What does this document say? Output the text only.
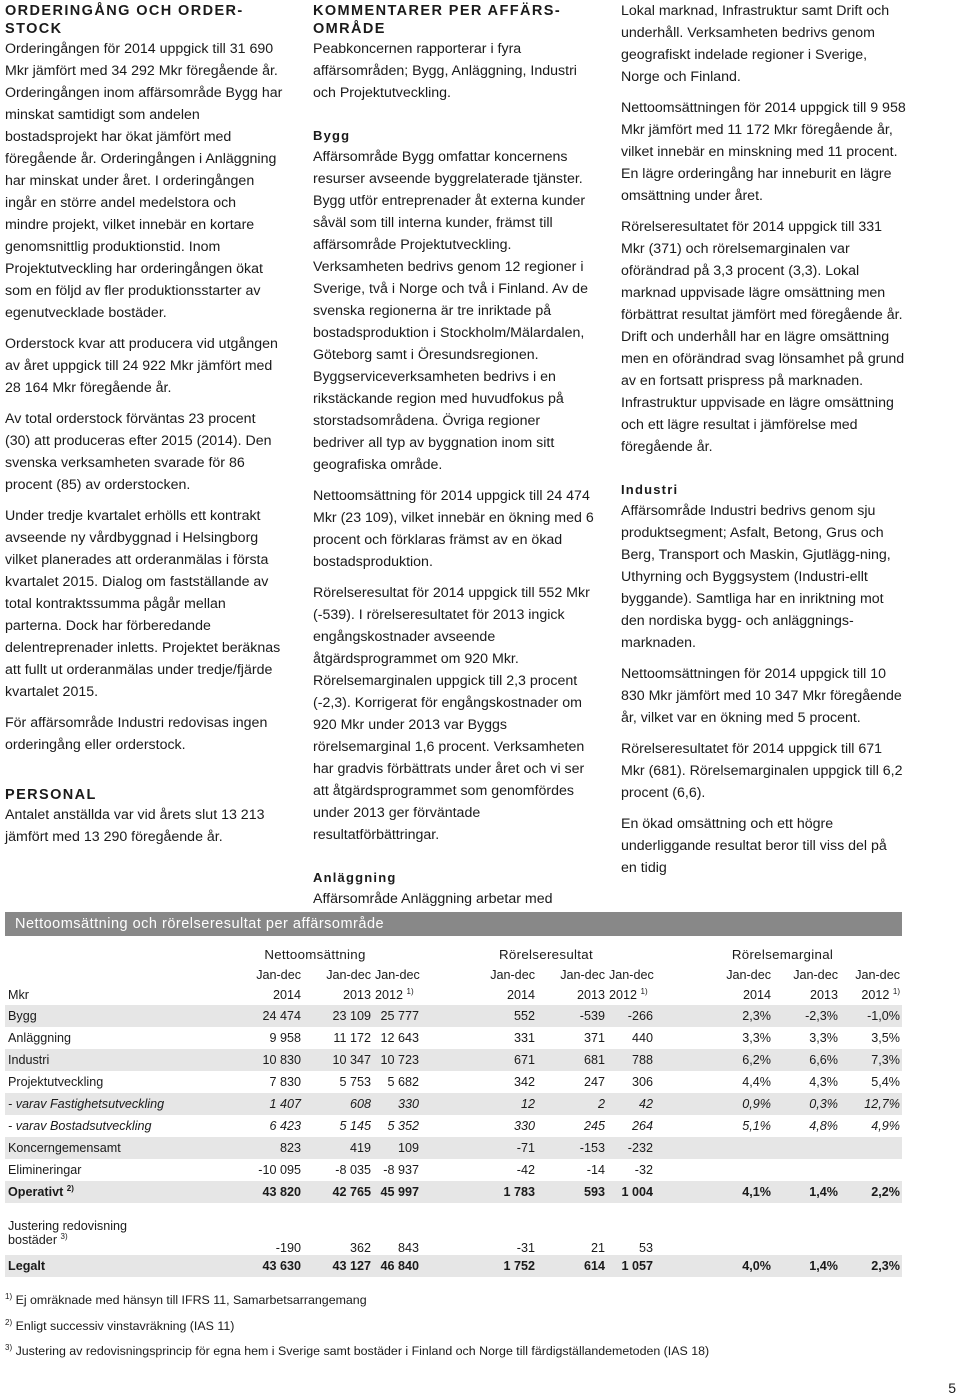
ORDERINGÅNG OCH ORDER-STOCK

Orderingången för 2014 uppgick till 31 690 Mkr jämfört med 34 292 Mkr föregående år. Orderingången inom affärsområde Bygg har minskat samtidigt som andelen bostadsprojekt har ökat jämfört med föregående år. Orderingången i Anläggning har minskat under året. I orderingången ingår en större andel medelstora och mindre projekt, vilket innebär en kortare genomsnittlig produktionstid. Inom Projektutveckling har orderingången ökat som en följd av fler produktionsstarter av egenutvecklade bostäder.

Orderstock kvar att producera vid utgången av året uppgick till 24 922 Mkr jämfört med 28 164 Mkr föregående år.

Av total orderstock förväntas 23 procent (30) att produceras efter 2015 (2014). Den svenska verksamheten svarade för 86 procent (85) av orderstocken.

Under tredje kvartalet erhölls ett kontrakt avseende ny vårdbyggnad i Helsingborg vilket planerades att orderanmälas i första kvartalet 2015. Dialog om fastställande av total kontraktssumma pågår mellan parterna. Dock har förberedande delentreprenader inletts. Projektet beräknas att fullt ut orderanmälas under tredje/fjärde kvartalet 2015.

För affärsområde Industri redovisas ingen orderingång eller orderstock.

PERSONAL

Antalet anställda var vid årets slut 13 213 jämfört med 13 290 föregående år.

KOMMENTARER PER AFFÄRS-OMRÅDE

Peabkoncernen rapporterar i fyra affärsområden; Bygg, Anläggning, Industri och Projektutveckling.

Bygg

Affärsområde Bygg omfattar koncernens resurser avseende byggrelaterade tjänster. Bygg utför entreprenader åt externa kunder såväl som till interna kunder, främst till affärsområde Projektutveckling. Verksamheten bedrivs genom 12 regioner i Sverige, två i Norge och två i Finland. Av de svenska regionerna är tre inriktade på bostadsproduktion i Stockholm/Mälardalen, Göteborg samt i Öresundsregionen. Byggserviceverksamheten bedrivs i en rikstäckande region med huvudfokus på storstadsområdena. Övriga regioner bedriver all typ av byggnation inom sitt geografiska område.

Nettoomsättning för 2014 uppgick till 24 474 Mkr (23 109), vilket innebär en ökning med 6 procent och förklaras främst av en ökad bostadsproduktion.

Rörelseresultat för 2014 uppgick till 552 Mkr (-539). I rörelseresultatet för 2013 ingick engångskostnader avseende åtgärdsprogrammet om 920 Mkr. Rörelsemarginalen uppgick till 2,3 procent (-2,3). Korrigerat för engångskostnader om 920 Mkr under 2013 var Byggs rörelsemarginal 1,6 procent. Verksamheten har gradvis förbättrats under året och vi ser att åtgärdsprogrammet som genomfördes under 2013 ger förväntade resultatförbättringar.

Anläggning

Affärsområde Anläggning arbetar med

Lokal marknad, Infrastruktur samt Drift och underhåll. Verksamheten bedrivs genom geografiskt indelade regioner i Sverige, Norge och Finland.

Nettoomsättningen för 2014 uppgick till 9 958 Mkr jämfört med 11 172 Mkr föregående år, vilket innebär en minskning med 11 procent. En lägre orderingång har inneburit en lägre omsättning under året.

Rörelseresultatet för 2014 uppgick till 331 Mkr (371) och rörelsemarginalen var oförändrad på 3,3 procent (3,3). Lokal marknad uppvisade lägre omsättning men förbättrat resultat jämfört med föregående år. Drift och underhåll har en lägre omsättning men en oförändrad svag lönsamhet på grund av en fortsatt prispress på marknaden. Infrastruktur uppvisade en lägre omsättning och ett lägre resultat i jämförelse med föregående år.

Industri

Affärsområde Industri bedrivs genom sju produktsegment; Asfalt, Betong, Grus och Berg, Transport och Maskin, Gjutlägg-ning, Uthyrning och Byggsystem (Industri-ellt byggande). Samtliga har en inriktning mot den nordiska bygg- och anläggnings-marknaden.

Nettoomsättningen för 2014 uppgick till 10 830 Mkr jämfört med 10 347 Mkr föregående år, vilket var en ökning med 5 procent.

Rörelseresultatet för 2014 uppgick till 671 Mkr (681). Rörelsemarginalen uppgick till 6,2 procent (6,6).

En ökad omsättning och ett högre underliggande resultat beror till viss del på en tidig

Nettoomsättning och rörelseresultat per affärsområde
	Nettoomsättning			Rörelseresultat			Rörelsemarginal		
	Jan-dec	Jan-dec	Jan-dec	Jan-dec	Jan-dec	Jan-dec	Jan-dec	Jan-dec	Jan-dec
Mkr	2014	2013	2012 $^{1)}$	2014	2013	2012 $^{1)}$	2014	2013	2012 $^{1)}$
Bygg	24 474	23 109	25 777	552	-539	-266	2,3%	-2,3%	-1,0%
Anläggning	9 958	11 172	12 643	331	371	440	3,3%	3,3%	3,5%
Industri	10 830	10 347	10 723	671	681	788	6,2%	6,6%	7,3%
Projektutveckling	7 830	5 753	5 682	342	247	306	4,4%	4,3%	5,4%
- varav Fastighetsutveckling	1 407	608	330	12	2	42	0,9%	0,3%	12,7%
- varav Bostadsutveckling	6 423	5 145	5 352	330	245	264	5,1%	4,8%	4,9%
Koncerngemensamt	823	419	109	-71	-153	-232			
Elimineringar	-10 095	-8 035	-8 937	-42	-14	-32			
Operativt $^{2)}$	43 820	42 765	45 997	1 783	593	1 004	4,1%	1,4%	2,2%

Justering redovisning
bostäder $^{3)}$	-190	362	843	-31	21	53			
Legalt	43 630	43 127	46 840	1 752	614	1 057	4,0%	1,4%	2,3%
$^{1)}$ Ej omräknade med hänsyn till IFRS 11, Samarbetsarrangemang
$^{2)}$ Enligt successiv vinstavräkning (IAS 11)
$^{3)}$ Justering av redovisningsprincip för egna hem i Sverige samt bostäder i Finland och Norge till färdigställandemetoden (IAS 18)
5
